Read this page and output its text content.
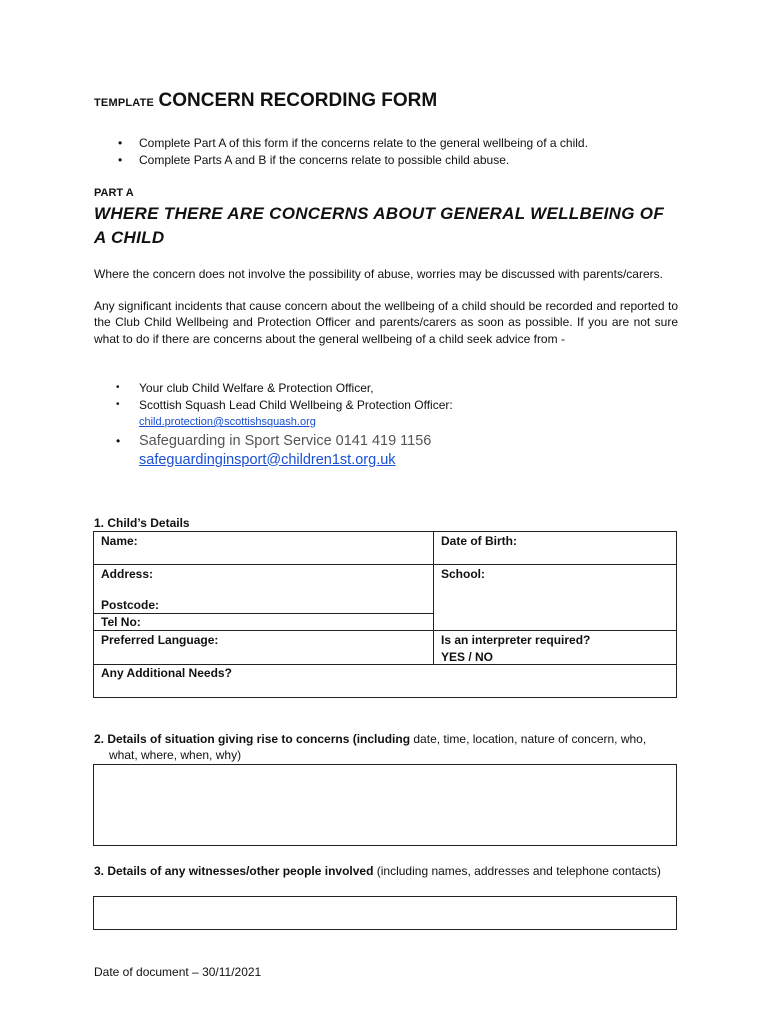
TEMPLATE CONCERN RECORDING FORM
• Complete Part A of this form if the concerns relate to the general wellbeing of a child.
• Complete Parts A and B if the concerns relate to possible child abuse.
PART A
WHERE THERE ARE CONCERNS ABOUT GENERAL WELLBEING OF A CHILD

Where the concern does not involve the possibility of abuse, worries may be discussed with parents/carers.

Any significant incidents that cause concern about the wellbeing of a child should be recorded and reported to the Club Child Wellbeing and Protection Officer and parents/carers as soon as possible. If you are not sure what to do if there are concerns about the general wellbeing of a child seek advice from -

• Your club Child Welfare & Protection Officer,
• Scottish Squash Lead Child Wellbeing & Protection Officer:
child.protection@scottishsquash.org
• Safeguarding in Sport Service 0141 419 1156
safeguardinginsport@children1st.org.uk
1. Child’s Details
Name:	Date of Birth:
Address:	School:
Postcode:
Tel No:
Preferred Language:	Is an interpreter required?
YES / NO
Any Additional Needs?
2. Details of situation giving rise to concerns (including date, time, location, nature of concern, who,
what, where, when, why)
3. Details of any witnesses/other people involved (including names, addresses and telephone contacts)
Date of document – 30/11/2021
